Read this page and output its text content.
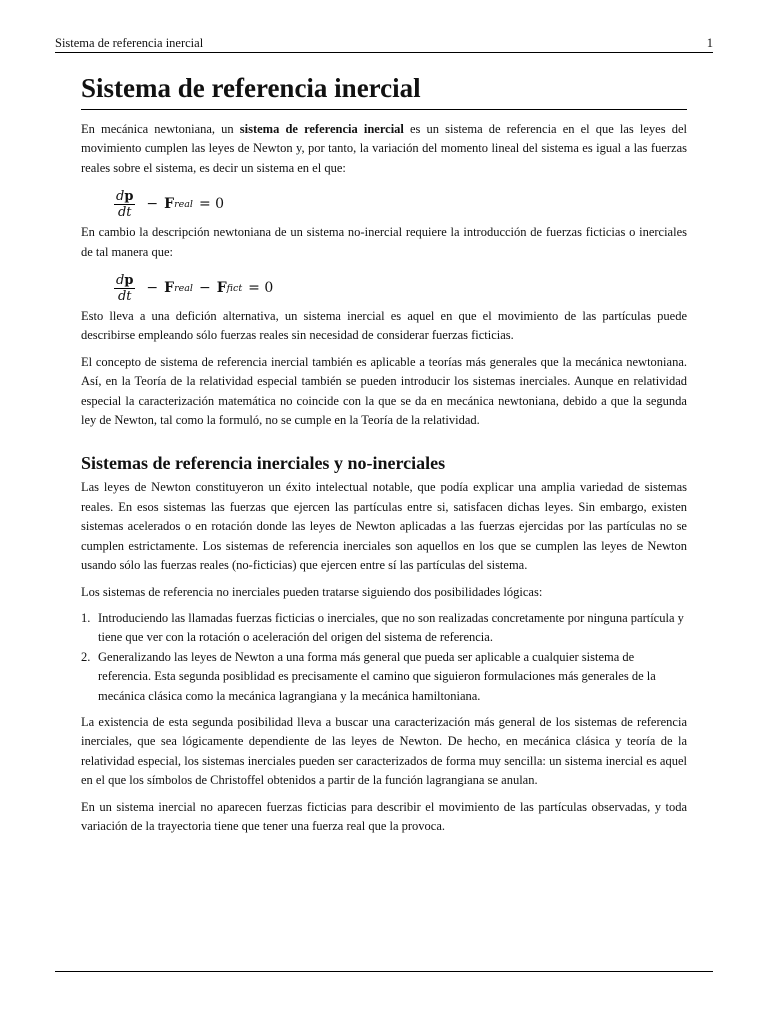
Sistema de referencia inercial	1
Sistema de referencia inercial

En mecánica newtoniana, un sistema de referencia inercial es un sistema de referencia en el que las leyes del movimiento cumplen las leyes de Newton y, por tanto, la variación del momento lineal del sistema es igual a las fuerzas reales sobre el sistema, es decir un sistema en el que:

$\frac{dp}{dt} - F$ real = 0

En cambio la descripción newtoniana de un sistema no-inercial requiere la introducción de fuerzas ficticias o inerciales de tal manera que:

$\frac{dp}{dt} - F$ real − F fict = 0

Esto lleva a una defición alternativa, un sistema inercial es aquel en que el movimiento de las partículas puede describirse empleando sólo fuerzas reales sin necesidad de considerar fuerzas ficticias.

El concepto de sistema de referencia inercial también es aplicable a teorías más generales que la mecánica newtoniana. Así, en la Teoría de la relatividad especial también se pueden introducir los sistemas inerciales. Aunque en relatividad especial la caracterización matemática no coincide con la que se da en mecánica newtoniana, debido a que la segunda ley de Newton, tal como la formuló, no se cumple en la Teoría de la relatividad.

Sistemas de referencia inerciales y no-inerciales

Las leyes de Newton constituyeron un éxito intelectual notable, que podía explicar una amplia variedad de sistemas reales. En esos sistemas las fuerzas que ejercen las partículas entre si, satisfacen dichas leyes. Sin embargo, existen sistemas acelerados o en rotación donde las leyes de Newton aplicadas a las fuerzas ejercidas por las partículas no se cumplen estrictamente. Los sistemas de referencia inerciales son aquellos en los que se cumplen las leyes de Newton usando sólo las fuerzas reales (no-ficticias) que ejercen entre sí las partículas del sistema.

Los sistemas de referencia no inerciales pueden tratarse siguiendo dos posibilidades lógicas:

1. Introduciendo las llamadas fuerzas ficticias o inerciales, que no son realizadas concretamente por ninguna partícula y tiene que ver con la rotación o aceleración del origen del sistema de referencia.
2. Generalizando las leyes de Newton a una forma más general que pueda ser aplicable a cualquier sistema de referencia. Esta segunda posiblidad es precisamente el camino que siguieron formulaciones más generales de la mecánica clásica como la mecánica lagrangiana y la mecánica hamiltoniana.

La existencia de esta segunda posibilidad lleva a buscar una caracterización más general de los sistemas de referencia inerciales, que sea lógicamente dependiente de las leyes de Newton. De hecho, en mecánica clásica y teoría de la relatividad especial, los sistemas inerciales pueden ser caracterizados de forma muy sencilla: un sistema inercial es aquel en el que los símbolos de Christoffel obtenidos a partir de la función lagrangiana se anulan.

En un sistema inercial no aparecen fuerzas ficticias para describir el movimiento de las partículas observadas, y toda variación de la trayectoria tiene que tener una fuerza real que la provoca.
